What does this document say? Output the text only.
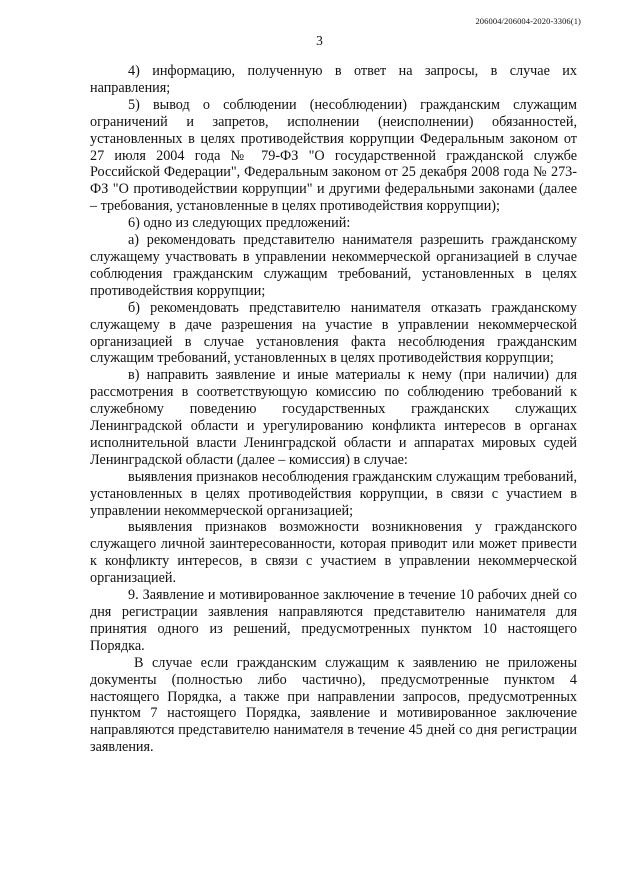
206004/206004-2020-3306(1)
3

4) информацию, полученную в ответ на запросы, в случае их направления;

5) вывод о соблюдении (несоблюдении) гражданским служащим ограничений и запретов, исполнении (неисполнении) обязанностей, установленных в целях противодействия коррупции Федеральным законом от 27 июля 2004 года № 79-ФЗ "О государственной гражданской службе Российской Федерации", Федеральным законом от 25 декабря 2008 года № 273-ФЗ "О противодействии коррупции" и другими федеральными законами (далее – требования, установленные в целях противодействия коррупции);

6) одно из следующих предложений:

а) рекомендовать представителю нанимателя разрешить гражданскому служащему участвовать в управлении некоммерческой организацией в случае соблюдения гражданским служащим требований, установленных в целях противодействия коррупции;

б) рекомендовать представителю нанимателя отказать гражданскому служащему в даче разрешения на участие в управлении некоммерческой организацией в случае установления факта несоблюдения гражданским служащим требований, установленных в целях противодействия коррупции;

в) направить заявление и иные материалы к нему (при наличии) для рассмотрения в соответствующую комиссию по соблюдению требований к служебному поведению государственных гражданских служащих Ленинградской области и урегулированию конфликта интересов в органах исполнительной власти Ленинградской области и аппаратах мировых судей Ленинградской области (далее – комиссия) в случае:

выявления признаков несоблюдения гражданским служащим требований, установленных в целях противодействия коррупции, в связи с участием в управлении некоммерческой организацией;

выявления признаков возможности возникновения у гражданского служащего личной заинтересованности, которая приводит или может привести к конфликту интересов, в связи с участием в управлении некоммерческой организацией.

9. Заявление и мотивированное заключение в течение 10 рабочих дней со дня регистрации заявления направляются представителю нанимателя для принятия одного из решений, предусмотренных пунктом 10 настоящего Порядка.

В случае если гражданским служащим к заявлению не приложены документы (полностью либо частично), предусмотренные пунктом 4 настоящего Порядка, а также при направлении запросов, предусмотренных пунктом 7 настоящего Порядка, заявление и мотивированное заключение направляются представителю нанимателя в течение 45 дней со дня регистрации заявления.
